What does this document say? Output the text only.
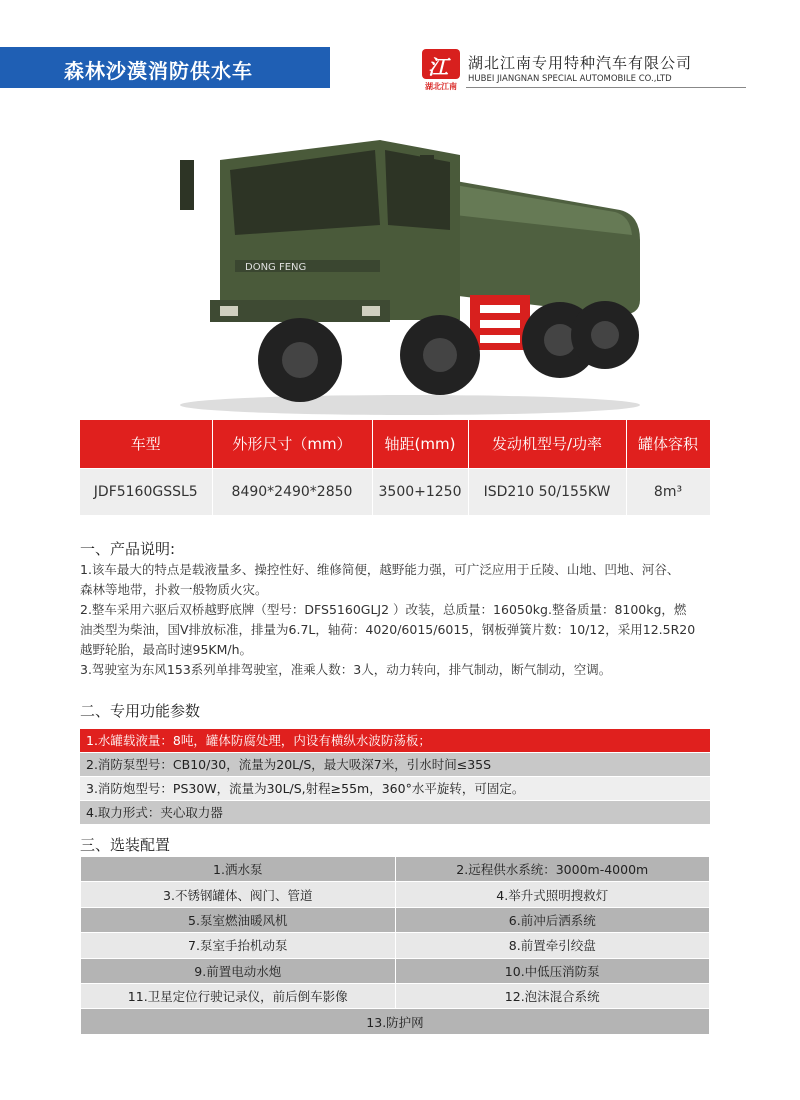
森林沙漠消防供水车	江
湖北江南
湖北江南专用特种汽车有限公司
HUBEI JIANGNAN SPECIAL AUTOMOBILE CO.,LTD
DONG FENG
车型	外形尺寸（mm）	轴距(mm)	发动机型号/功率	罐体容积
JDF5160GSSL5	8490*2490*2850	3500+1250	ISD210 50/155KW	8m³
一、产品说明:
1.该车最大的特点是载液量多、操控性好、维修简便，越野能力强，可广泛应用于丘陵、山地、凹地、河谷、
森林等地带，扑救一般物质火灾。
2.整车采用六驱后双桥越野底牌（型号：DFS5160GLJ2 ）改装，总质量：16050kg.整备质量：8100kg，燃
油类型为柴油，国V排放标准，排量为6.7L，轴荷：4020/6015/6015，钢板弹簧片数：10/12，采用12.5R20
越野轮胎，最高时速95KM/h。
3.驾驶室为东风153系列单排驾驶室，准乘人数：3人，动力转向，排气制动，断气制动，空调。
二、专用功能参数
1.水罐载液量：8吨，罐体防腐处理，内设有横纵水波防荡板；
2.消防泵型号：CB10/30，流量为20L/S，最大吸深7米，引水时间≤35S
3.消防炮型号：PS30W，流量为30L/S,射程≥55m，360°水平旋转，可固定。
4.取力形式：夹心取力器
三、选装配置
1.洒水泵	2.远程供水系统：3000m-4000m
3.不锈钢罐体、阀门、管道	4.举升式照明搜救灯
5.泵室燃油暖风机	6.前冲后洒系统
7.泵室手抬机动泵	8.前置牵引绞盘
9.前置电动水炮	10.中低压消防泵
11.卫星定位行驶记录仪，前后倒车影像	12.泡沫混合系统
13.防护网	
